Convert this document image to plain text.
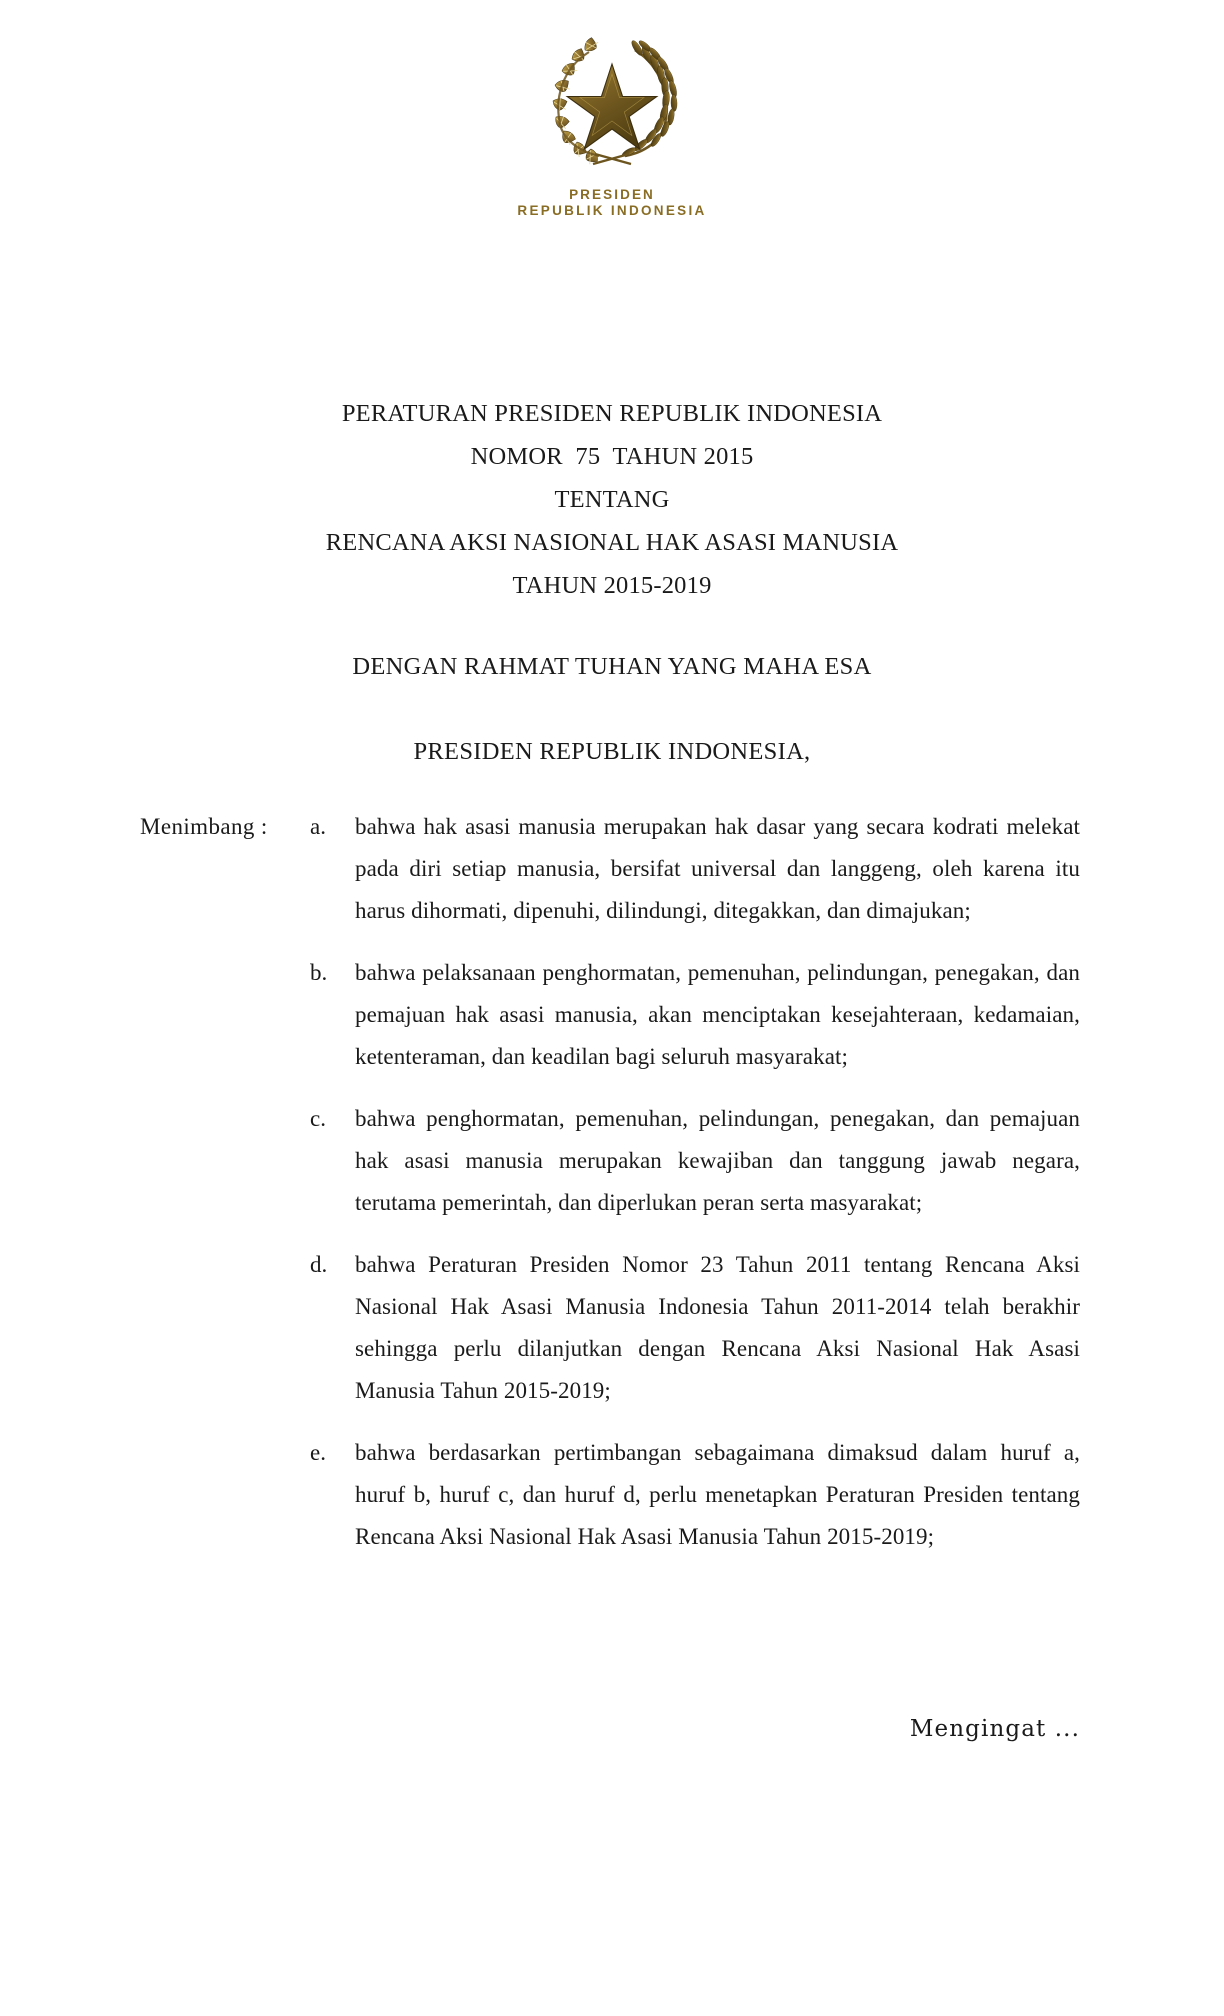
PRESIDEN
REPUBLIK INDONESIA
PERATURAN PRESIDEN REPUBLIK INDONESIA
NOMOR  75  TAHUN 2015
TENTANG
RENCANA AKSI NASIONAL HAK ASASI MANUSIA
TAHUN 2015-2019
DENGAN RAHMAT TUHAN YANG MAHA ESA
PRESIDEN REPUBLIK INDONESIA,
Menimbang :	a.	bahwa hak asasi manusia merupakan hak dasar yang secara kodrati melekat pada diri setiap manusia, bersifat universal dan langgeng, oleh karena itu harus dihormati, dipenuhi, dilindungi, ditegakkan, dan dimajukan;
b.	bahwa pelaksanaan penghormatan, pemenuhan, pelindungan, penegakan, dan pemajuan hak asasi manusia, akan menciptakan kesejahteraan, kedamaian, ketenteraman, dan keadilan bagi seluruh masyarakat;
c.	bahwa penghormatan, pemenuhan, pelindungan, penegakan, dan pemajuan hak asasi manusia merupakan kewajiban dan tanggung jawab negara, terutama pemerintah, dan diperlukan peran serta masyarakat;
d.	bahwa Peraturan Presiden Nomor 23 Tahun 2011 tentang Rencana Aksi Nasional Hak Asasi Manusia Indonesia Tahun 2011-2014 telah berakhir sehingga perlu dilanjutkan dengan Rencana Aksi Nasional Hak Asasi Manusia Tahun 2015-2019;
e.	bahwa berdasarkan pertimbangan sebagaimana dimaksud dalam huruf a, huruf b, huruf c, dan huruf d, perlu menetapkan Peraturan Presiden tentang Rencana Aksi Nasional Hak Asasi Manusia Tahun 2015-2019;
Mengingat ...
